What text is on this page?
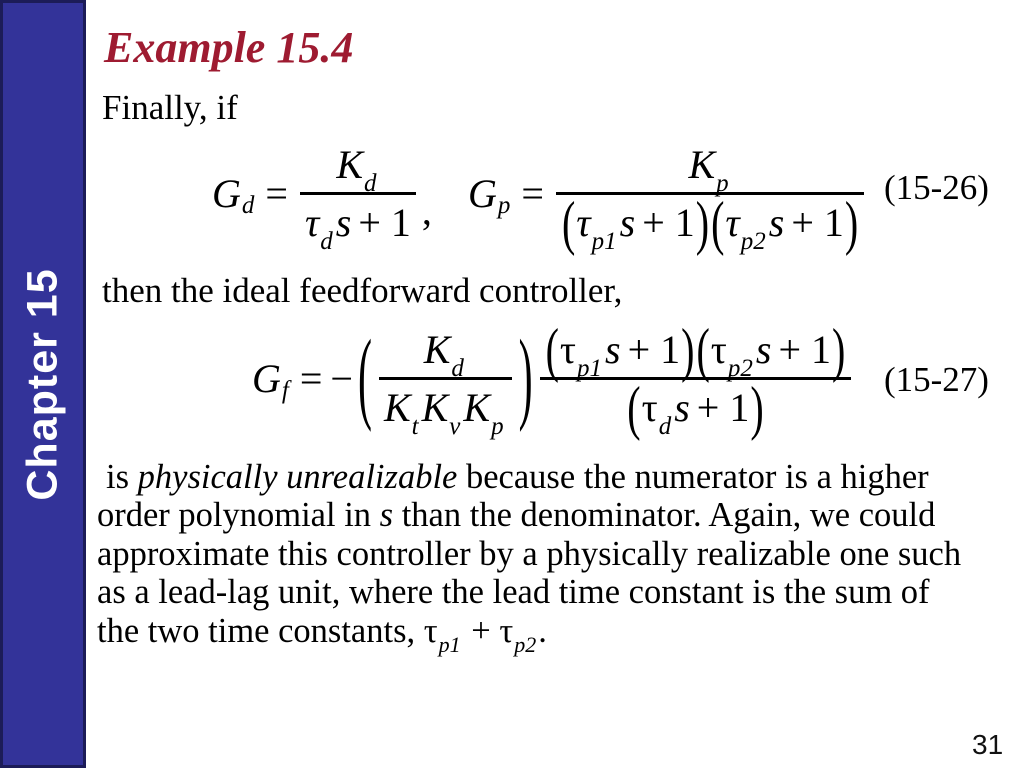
Chapter 15
Example 15.4
Finally, if
G $d = \frac{\text{K d}}{\text{τ d s + 1}}$ , G $p = \frac{\text{K p}}{\text{( τ p1 s + 1 ) ( τ p2 s + 1 )}} (15-26)$
then the ideal feedforward controller,
G f = − ( $\frac{\text{K d}}{\text{K t K v K p}}$ ) $\frac{\text{( τ p1 s + 1 ) ( τ p2 s + 1 )}}{\text{( τ d s + 1 )}} (15-27)$
is physically unrealizable because the numerator is a higher
order polynomial in s than the denominator. Again, we could
approximate this controller by a physically realizable one such
as a lead-lag unit, where the lead time constant is the sum of
the two time constants, $\tau_{p1} + \tau_{p2}$.
31
